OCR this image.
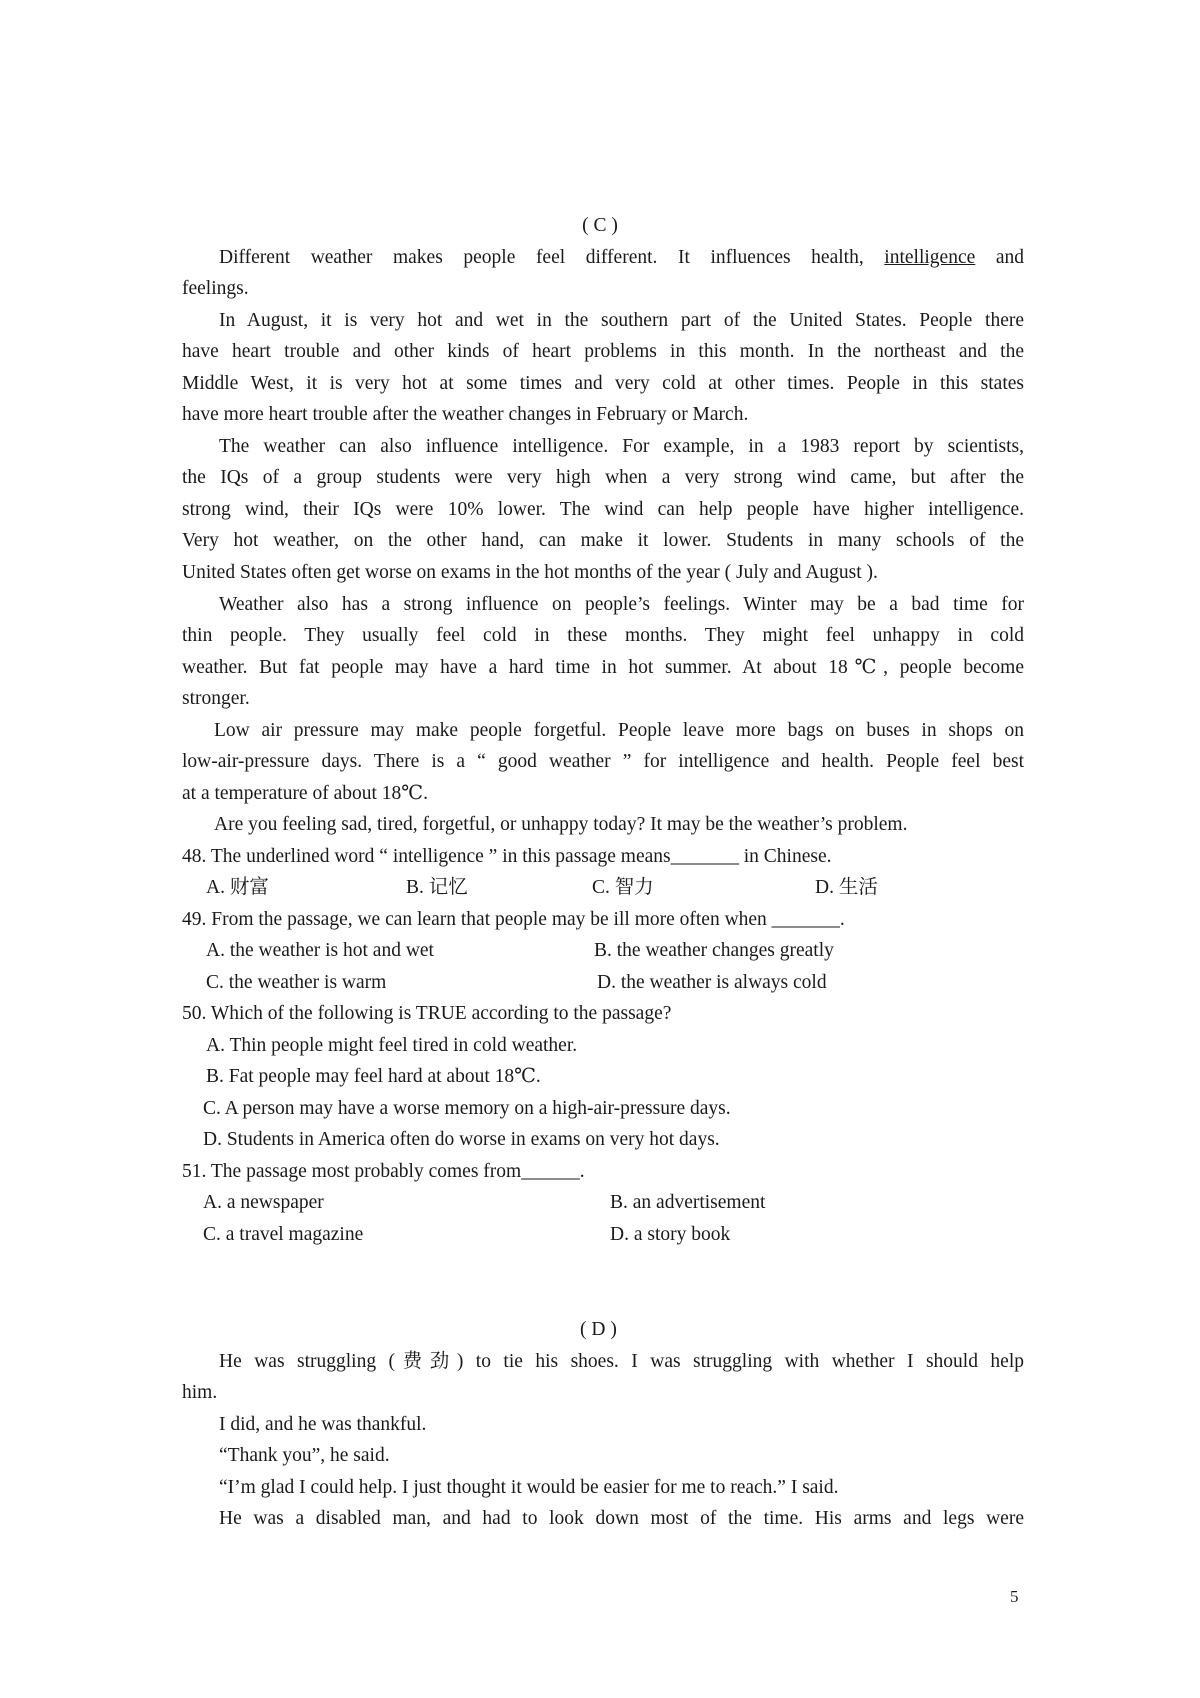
( C )
Different weather makes people feel different. It influences health, intelligence and
feelings.
In August, it is very hot and wet in the southern part of the United States. People there
have heart trouble and other kinds of heart problems in this month. In the northeast and the
Middle West, it is very hot at some times and very cold at other times. People in this states
have more heart trouble after the weather changes in February or March.
The weather can also influence intelligence. For example, in a 1983 report by scientists,
the IQs of a group students were very high when a very strong wind came, but after the
strong wind, their IQs were 10% lower. The wind can help people have higher intelligence.
Very hot weather, on the other hand, can make it lower. Students in many schools of the
United States often get worse on exams in the hot months of the year ( July and August ).
Weather also has a strong influence on people’s feelings. Winter may be a bad time for
thin people. They usually feel cold in these months. They might feel unhappy in cold
weather. But fat people may have a hard time in hot summer. At about 18℃, people become
stronger.
Low air pressure may make people forgetful. People leave more bags on buses in shops on
low-air-pressure days. There is a “ good weather ” for intelligence and health. People feel best
at a temperature of about 18℃.
Are you feeling sad, tired, forgetful, or unhappy today? It may be the weather’s problem.
48. The underlined word “ intelligence ” in this passage means_______ in Chinese.
A. 财富	B. 记忆	C. 智力	D. 生活
49. From the passage, we can learn that people may be ill more often when _______.
A. the weather is hot and wet	B. the weather changes greatly
C. the weather is warm	D. the weather is always cold
50. Which of the following is TRUE according to the passage?
A. Thin people might feel tired in cold weather.
B. Fat people may feel hard at about 18℃.
C. A person may have a worse memory on a high-air-pressure days.
D. Students in America often do worse in exams on very hot days.
51. The passage most probably comes from______.
A. a newspaper	B. an advertisement
C. a travel magazine	D. a story book
( D )
He was struggling (费劲) to tie his shoes. I was struggling with whether I should help
him.
I did, and he was thankful.
“Thank you”, he said.
“I’m glad I could help. I just thought it would be easier for me to reach.” I said.
He was a disabled man, and had to look down most of the time. His arms and legs were
5
